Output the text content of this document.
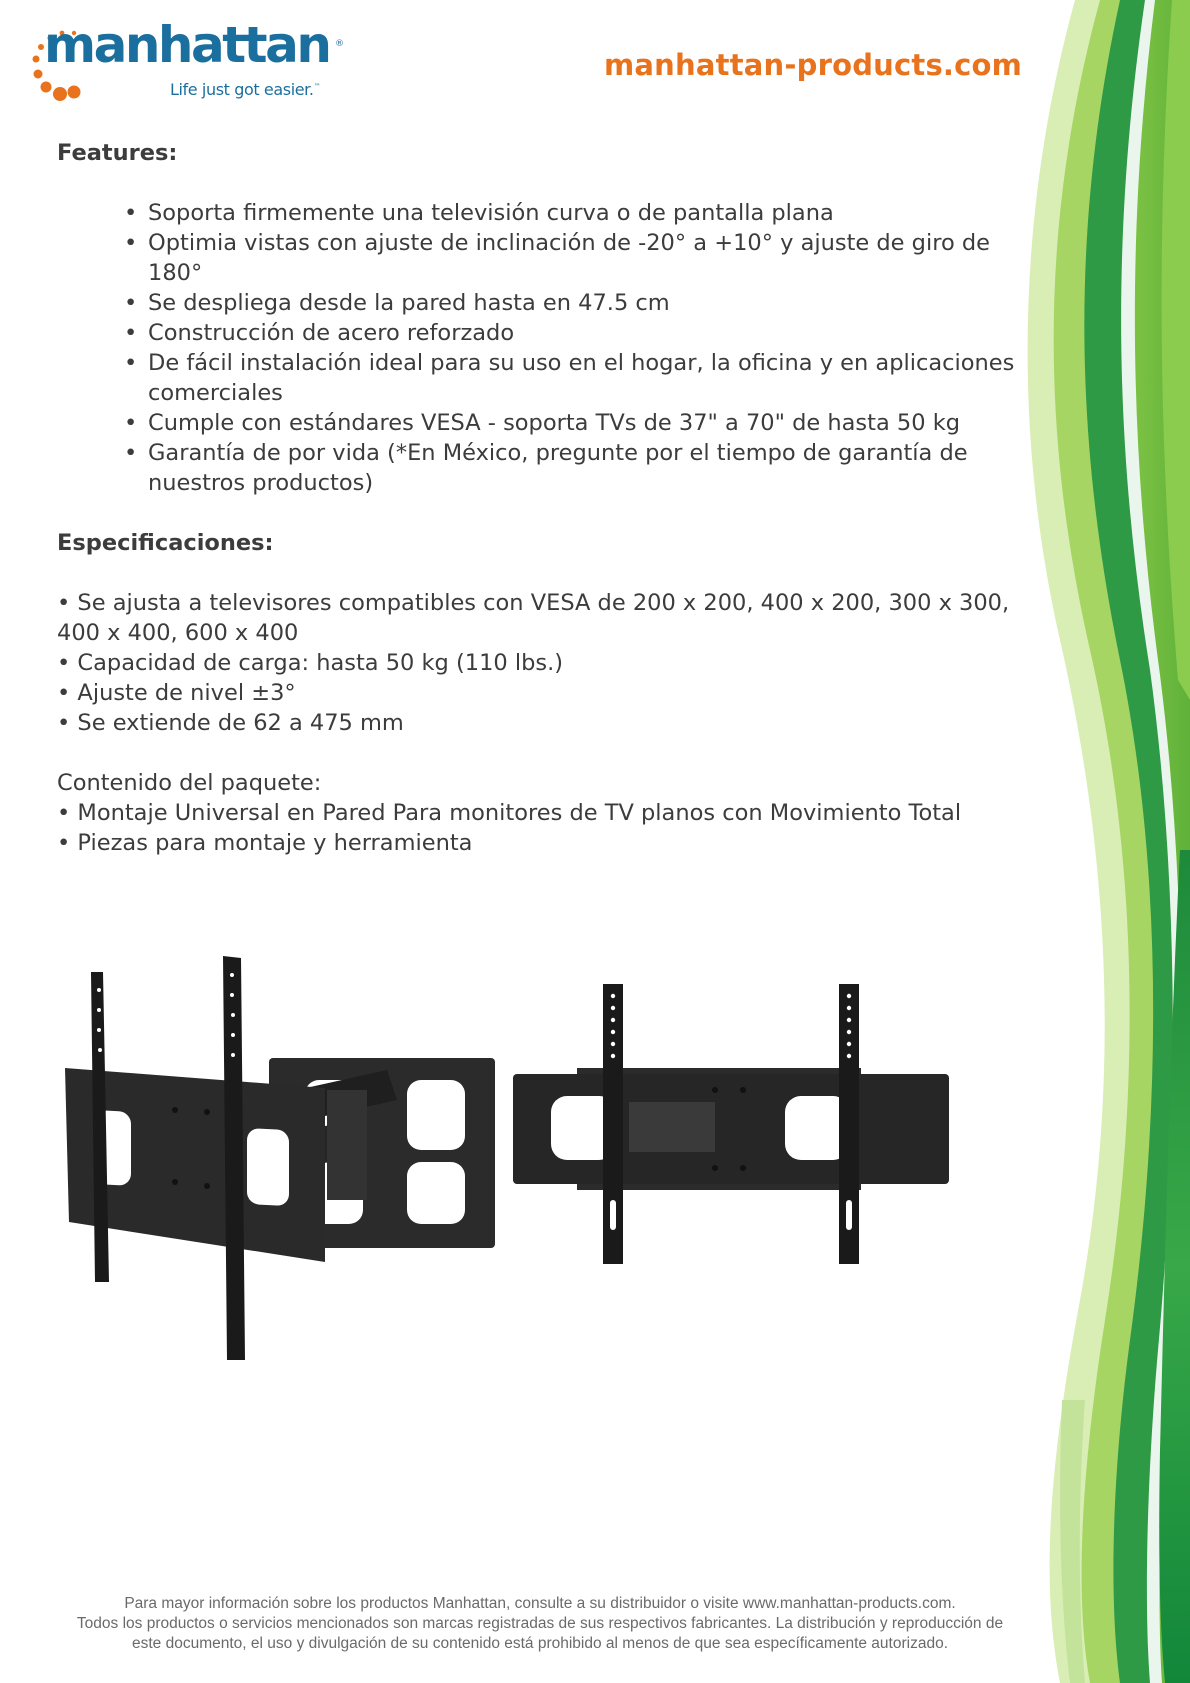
manhattan ®
Life just got easier.™
manhattan-products.com
Features:
• Soporta firmemente una televisión curva o de pantalla plana
• Optimia vistas con ajuste de inclinación de -20° a +10° y ajuste de giro de 180°
• Se despliega desde la pared hasta en 47.5 cm
• Construcción de acero reforzado
• De fácil instalación ideal para su uso en el hogar, la oficina y en aplicaciones comerciales
• Cumple con estándares VESA - soporta TVs de 37" a 70" de hasta 50 kg
• Garantía de por vida (*En México, pregunte por el tiempo de garantía de nuestros productos)
Especificaciones:

• Se ajusta a televisores compatibles con VESA de 200 x 200, 400 x 200, 300 x 300, 400 x 400, 600 x 400

• Capacidad de carga: hasta 50 kg (110 lbs.)

• Ajuste de nivel ±3°

• Se extiende de 62 a 475 mm

Contenido del paquete:

• Montaje Universal en Pared Para monitores de TV planos con Movimiento Total

• Piezas para montaje y herramienta

Para mayor información sobre los productos Manhattan, consulte a su distribuidor o visite www.manhattan-products.com.
Todos los productos o servicios mencionados son marcas registradas de sus respectivos fabricantes. La distribución y reproducción de
este documento, el uso y divulgación de su contenido está prohibido al menos de que sea específicamente autorizado.
